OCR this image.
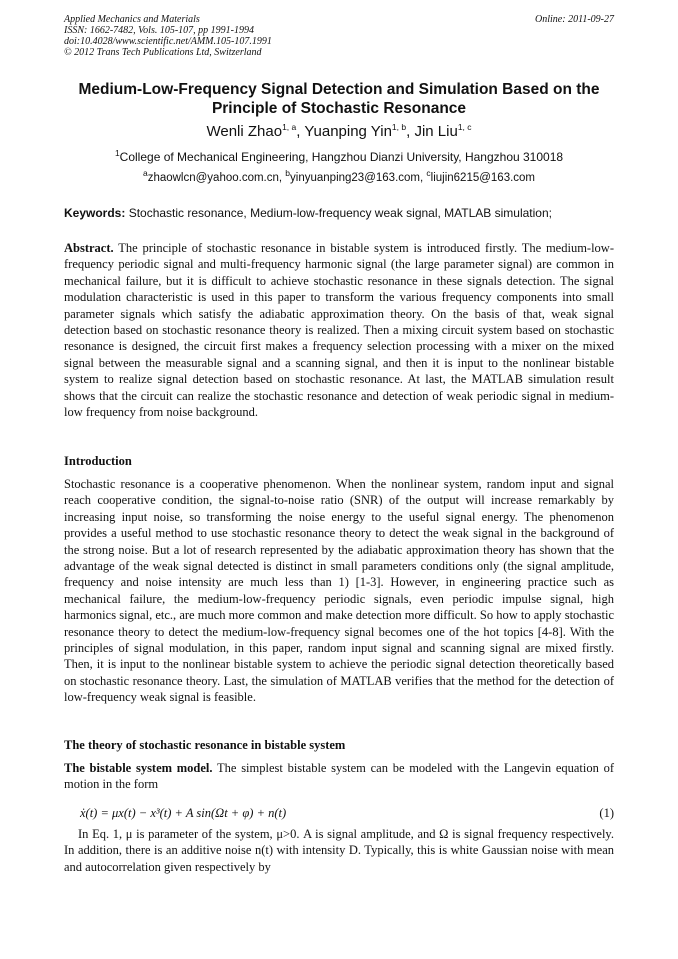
Applied Mechanics and Materials
ISSN: 1662-7482, Vols. 105-107, pp 1991-1994
doi:10.4028/www.scientific.net/AMM.105-107.1991
© 2012 Trans Tech Publications Ltd, Switzerland
Online: 2011-09-27
Medium-Low-Frequency Signal Detection and Simulation Based on the
Principle of Stochastic Resonance
Wenli Zhao$^{1, a}$, Yuanping Yin$^{1, b}$, Jin Liu$^{1, c}$
$^1$College of Mechanical Engineering, Hangzhou Dianzi University, Hangzhou 310018
$^a$zhaowlcn@yahoo.com.cn, $^b$yinyuanping23@163.com, $^c$liujin6215@163.com
Keywords: Stochastic resonance, Medium-low-frequency weak signal, MATLAB simulation;
Abstract. The principle of stochastic resonance in bistable system is introduced firstly. The medium-low-frequency periodic signal and multi-frequency harmonic signal (the large parameter signal) are common in mechanical failure, but it is difficult to achieve stochastic resonance in these signals detection. The signal modulation characteristic is used in this paper to transform the various frequency components into small parameter signals which satisfy the adiabatic approximation theory. On the basis of that, weak signal detection based on stochastic resonance theory is realized. Then a mixing circuit system based on stochastic resonance is designed, the circuit first makes a frequency selection processing with a mixer on the mixed signal between the measurable signal and a scanning signal, and then it is input to the nonlinear bistable system to realize signal detection based on stochastic resonance. At last, the MATLAB simulation result shows that the circuit can realize the stochastic resonance and detection of weak periodic signal in medium-low frequency from noise background.
Introduction
Stochastic resonance is a cooperative phenomenon. When the nonlinear system, random input and signal reach cooperative condition, the signal-to-noise ratio (SNR) of the output will increase remarkably by increasing input noise, so transforming the noise energy to the useful signal energy. The phenomenon provides a useful method to use stochastic resonance theory to detect the weak signal in the background of the strong noise. But a lot of research represented by the adiabatic approximation theory has shown that the advantage of the weak signal detected is distinct in small parameters conditions only (the signal amplitude, frequency and noise intensity are much less than 1) [1-3]. However, in engineering practice such as mechanical failure, the medium-low-frequency periodic signals, even periodic impulse signal, high harmonics signal, etc., are much more common and make detection more difficult. So how to apply stochastic resonance theory to detect the medium-low-frequency signal becomes one of the hot topics [4-8]. With the principles of signal modulation, in this paper, random input signal and scanning signal are mixed firstly. Then, it is input to the nonlinear bistable system to achieve the periodic signal detection theoretically based on stochastic resonance theory. Last, the simulation of MATLAB verifies that the method for the detection of low-frequency weak signal is feasible.
The theory of stochastic resonance in bistable system
The bistable system model. The simplest bistable system can be modeled with the Langevin equation of motion in the form
ẋ(t) = μx(t) − x³(t) + A sin(Ωt + φ) + n(t)	(1)
In Eq. 1, μ is parameter of the system, μ>0. A is signal amplitude, and Ω is signal frequency respectively. In addition, there is an additive noise n(t) with intensity D. Typically, this is white Gaussian noise with mean and autocorrelation given respectively by
